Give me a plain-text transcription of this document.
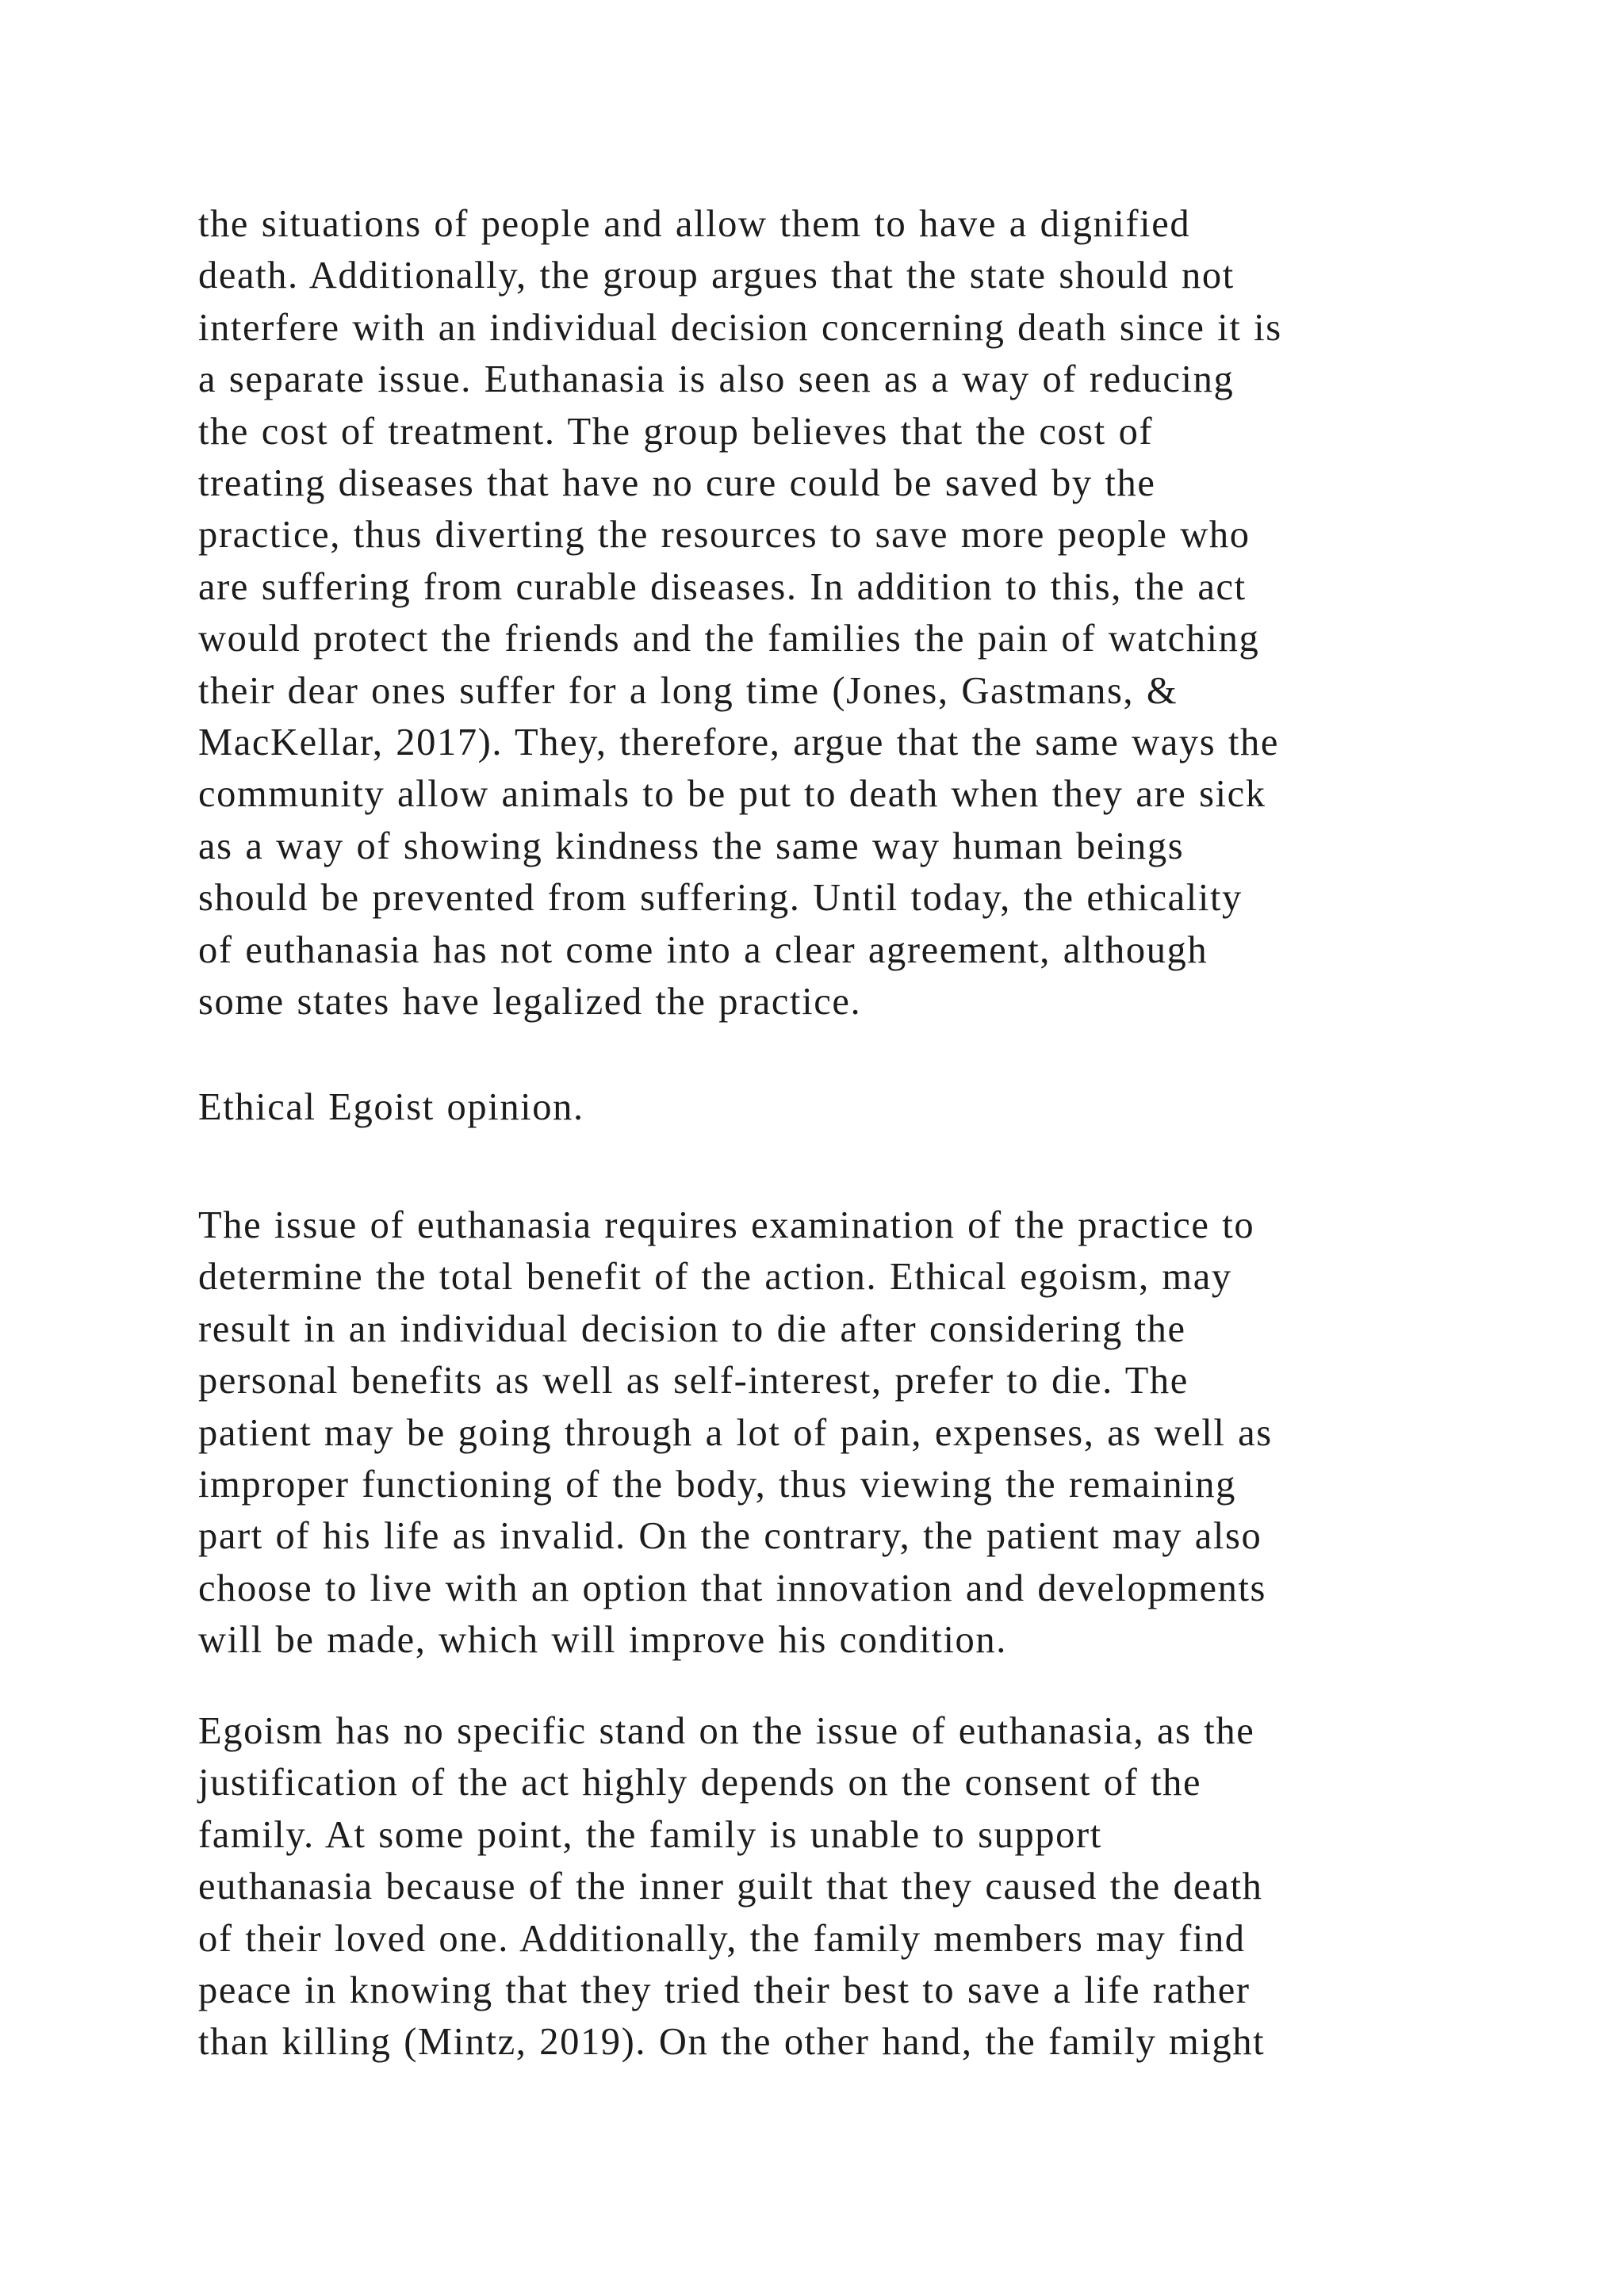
the situations of people and allow them to have a dignified
death. Additionally, the group argues that the state should not
interfere with an individual decision concerning death since it is
a separate issue. Euthanasia is also seen as a way of reducing
the cost of treatment. The group believes that the cost of
treating diseases that have no cure could be saved by the
practice, thus diverting the resources to save more people who
are suffering from curable diseases. In addition to this, the act
would protect the friends and the families the pain of watching
their dear ones suffer for a long time (Jones, Gastmans, &
MacKellar, 2017). They, therefore, argue that the same ways the
community allow animals to be put to death when they are sick
as a way of showing kindness the same way human beings
should be prevented from suffering. Until today, the ethicality
of euthanasia has not come into a clear agreement, although
some states have legalized the practice.
Ethical Egoist opinion.
The issue of euthanasia requires examination of the practice to
determine the total benefit of the action. Ethical egoism, may
result in an individual decision to die after considering the
personal benefits as well as self-interest, prefer to die. The
patient may be going through a lot of pain, expenses, as well as
improper functioning of the body, thus viewing the remaining
part of his life as invalid. On the contrary, the patient may also
choose to live with an option that innovation and developments
will be made, which will improve his condition.
Egoism has no specific stand on the issue of euthanasia, as the
justification of the act highly depends on the consent of the
family. At some point, the family is unable to support
euthanasia because of the inner guilt that they caused the death
of their loved one. Additionally, the family members may find
peace in knowing that they tried their best to save a life rather
than killing (Mintz, 2019). On the other hand, the family might
